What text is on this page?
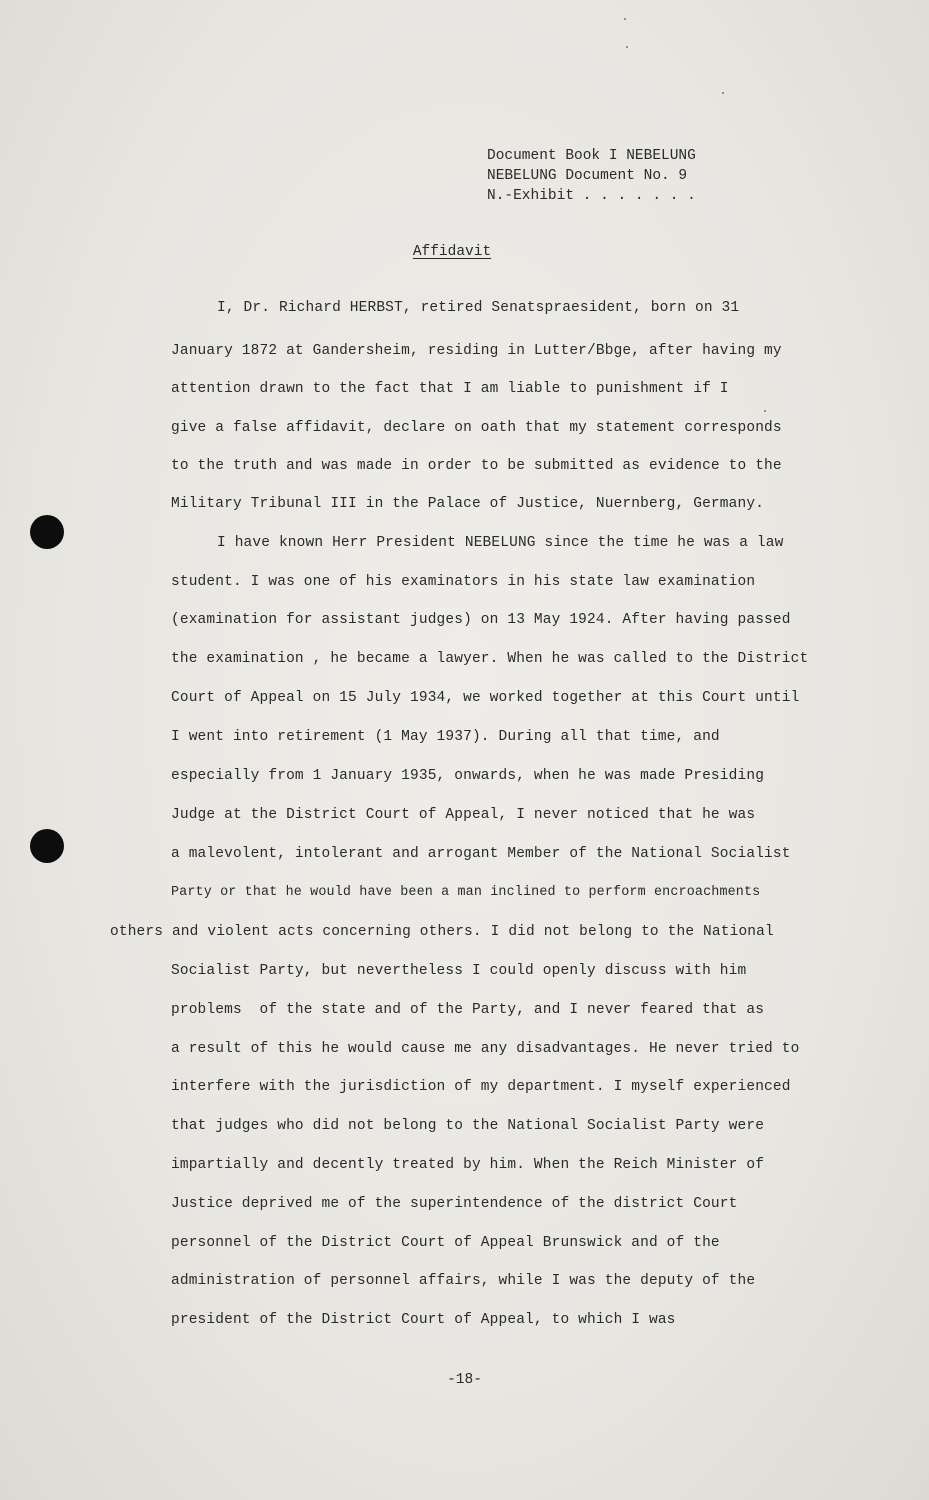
Document Book I NEBELUNG
NEBELUNG Document No. 9
N.-Exhibit . . . . . . .
Affidavit
I, Dr. Richard HERBST, retired Senatspraesident, born on 31
January 1872 at Gandersheim, residing in Lutter/Bbge, after having my
attention drawn to the fact that I am liable to punishment if I
give a false affidavit, declare on oath that my statement corresponds
to the truth and was made in order to be submitted as evidence to the
Military Tribunal III in the Palace of Justice, Nuernberg, Germany.
I have known Herr President NEBELUNG since the time he was a law
student. I was one of his examinators in his state law examination
(examination for assistant judges) on 13 May 1924. After having passed
the examination , he became a lawyer. When he was called to the District
Court of Appeal on 15 July 1934, we worked together at this Court until
I went into retirement (1 May 1937). During all that time, and
especially from 1 January 1935, onwards, when he was made Presiding
Judge at the District Court of Appeal, I never noticed that he was
a malevolent, intolerant and arrogant Member of the National Socialist
Party or that he would have been a man inclined to perform encroachments
others and violent acts concerning others. I did not belong to the National
Socialist Party, but nevertheless I could openly discuss with him
problems  of the state and of the Party, and I never feared that as
a result of this he would cause me any disadvantages. He never tried to
interfere with the jurisdiction of my department. I myself experienced
that judges who did not belong to the National Socialist Party were
impartially and decently treated by him. When the Reich Minister of
Justice deprived me of the superintendence of the district Court
personnel of the District Court of Appeal Brunswick and of the
administration of personnel affairs, while I was the deputy of the
president of the District Court of Appeal, to which I was
-18-
